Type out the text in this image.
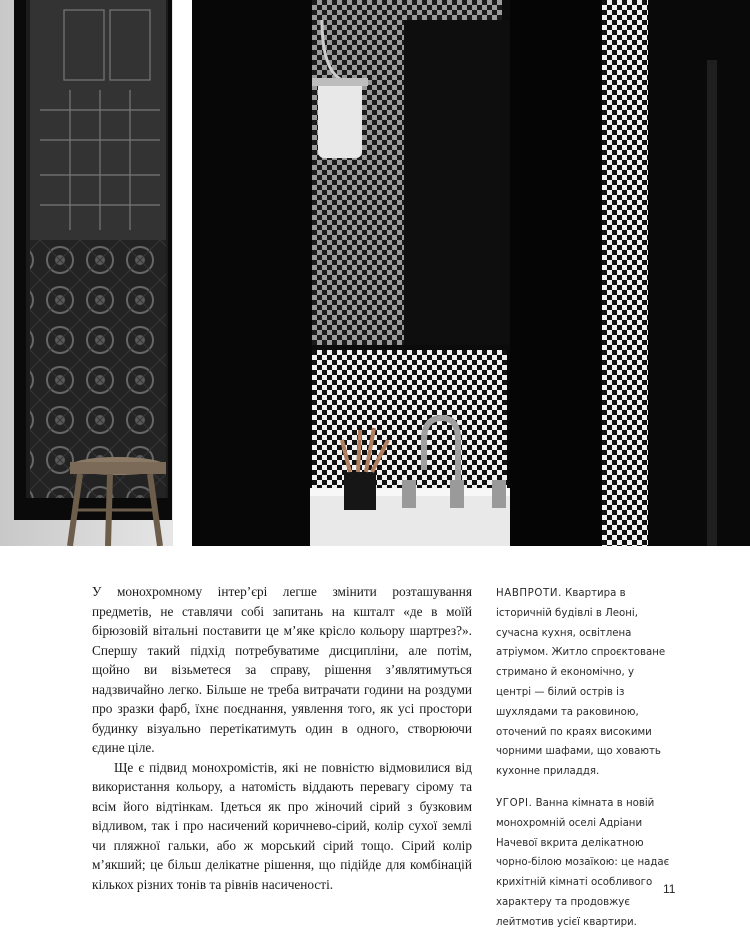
У монохромному інтер’єрі легше змінити розташування предметів, не ставлячи собі запитань на кшталт «де в моїй бірюзовій вітальні поставити це м’яке крісло кольору шартрез?». Спершу такий підхід потребуватиме дисципліни, але потім, щойно ви візьметеся за справу, рішення з’являтимуться надзвичайно легко. Більше не треба витрачати години на роздуми про зразки фарб, їхнє поєднання, уявлення того, як усі простори будинку візуально перетікатимуть один в одного, створюючи єдине ціле.

Ще є підвид монохромістів, які не повністю відмовилися від використання кольору, а натомість віддають перевагу сірому та всім його відтінкам. Ідеться як про жіночий сірий з бузковим відливом, так і про насичений коричнево-сірий, колір сухої землі чи пляжної гальки, або ж морський сірий тощо. Сірий колір м’якший; це більш делікатне рішення, що підійде для комбінацій кількох різних тонів та рівнів насиченості.

НАВПРОТИ. Квартира в історичній будівлі в Леоні, сучасна кухня, освітлена атріумом. Житло спроєктоване стримано й економічно, у центрі — білий острів із шухлядами та раковиною, оточений по краях високими чорними шафами, що ховають кухонне приладдя.

УГОРІ. Ванна кімната в новій монохромній оселі Адріани Начевої вкрита делікатною чорно-білою мозаїкою: це надає крихітній кімнаті особливого характеру та продовжує лейтмотив усієї квартири.

11
